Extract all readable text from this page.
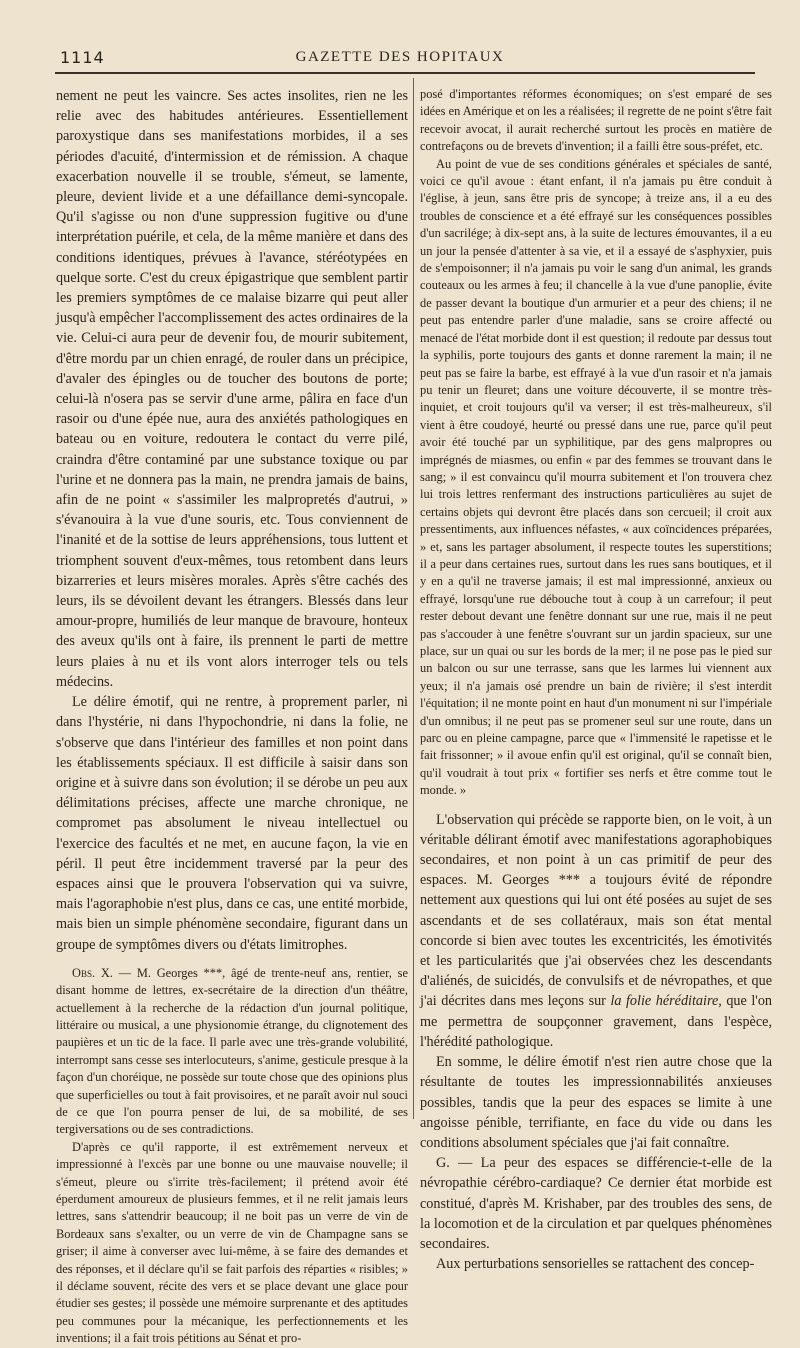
1114	GAZETTE DES HOPITAUX

nement ne peut les vaincre. Ses actes insolites, rien ne les relie avec des habitudes antérieures. Essentiellement paroxystique dans ses manifestations morbides, il a ses périodes d'acuité, d'intermission et de rémission. A chaque exacerbation nouvelle il se trouble, s'émeut, se lamente, pleure, devient livide et a une défaillance demi-syncopale. Qu'il s'agisse ou non d'une suppression fugitive ou d'une interprétation puérile, et cela, de la même manière et dans des conditions identiques, prévues à l'avance, stéréotypées en quelque sorte. C'est du creux épigastrique que semblent partir les premiers symptômes de ce malaise bizarre qui peut aller jusqu'à empêcher l'accomplissement des actes ordinaires de la vie. Celui-ci aura peur de devenir fou, de mourir subitement, d'être mordu par un chien enragé, de rouler dans un précipice, d'avaler des épingles ou de toucher des boutons de porte; celui-là n'osera pas se servir d'une arme, pâlira en face d'un rasoir ou d'une épée nue, aura des anxiétés pathologiques en bateau ou en voiture, redoutera le contact du verre pilé, craindra d'être contaminé par une substance toxique ou par l'urine et ne donnera pas la main, ne prendra jamais de bains, afin de ne point « s'assimiler les malpropretés d'autrui, » s'évanouira à la vue d'une souris, etc. Tous conviennent de l'inanité et de la sottise de leurs appréhensions, tous luttent et triomphent souvent d'eux-mêmes, tous retombent dans leurs bizarreries et leurs misères morales. Après s'être cachés des leurs, ils se dévoilent devant les étrangers. Blessés dans leur amour-propre, humiliés de leur manque de bravoure, honteux des aveux qu'ils ont à faire, ils prennent le parti de mettre leurs plaies à nu et ils vont alors interroger tels ou tels médecins.

Le délire émotif, qui ne rentre, à proprement parler, ni dans l'hystérie, ni dans l'hypochondrie, ni dans la folie, ne s'observe que dans l'intérieur des familles et non point dans les établissements spéciaux. Il est difficile à saisir dans son origine et à suivre dans son évolution; il se dérobe un peu aux délimitations précises, affecte une marche chronique, ne compromet pas absolument le niveau intellectuel ou l'exercice des facultés et ne met, en aucune façon, la vie en péril. Il peut être incidemment traversé par la peur des espaces ainsi que le prouvera l'observation qui va suivre, mais l'agoraphobie n'est plus, dans ce cas, une entité morbide, mais bien un simple phénomène secondaire, figurant dans un groupe de symptômes divers ou d'états limitrophes.

Obs. X. — M. Georges ***, âgé de trente-neuf ans, rentier, se disant homme de lettres, ex-secrétaire de la direction d'un théâtre, actuellement à la recherche de la rédaction d'un journal politique, littéraire ou musical, a une physionomie étrange, du clignotement des paupières et un tic de la face. Il parle avec une très-grande volubilité, interrompt sans cesse ses interlocuteurs, s'anime, gesticule presque à la façon d'un choréique, ne possède sur toute chose que des opinions plus que superficielles ou tout à fait provisoires, et ne paraît avoir nul souci de ce que l'on pourra penser de lui, de sa mobilité, de ses tergiversations ou de ses contradictions.

D'après ce qu'il rapporte, il est extrêmement nerveux et impressionné à l'excès par une bonne ou une mauvaise nouvelle; il s'émeut, pleure ou s'irrite très-facilement; il prétend avoir été éperdument amoureux de plusieurs femmes, et il ne relit jamais leurs lettres, sans s'attendrir beaucoup; il ne boit pas un verre de vin de Bordeaux sans s'exalter, ou un verre de vin de Champagne sans se griser; il aime à converser avec lui-même, à se faire des demandes et des réponses, et il déclare qu'il se fait parfois des réparties « risibles; » il déclame souvent, récite des vers et se place devant une glace pour étudier ses gestes; il possède une mémoire surprenante et des aptitudes peu communes pour la mécanique, les perfectionnements et les inventions; il a fait trois pétitions au Sénat et pro-

posé d'importantes réformes économiques; on s'est emparé de ses idées en Amérique et on les a réalisées; il regrette de ne point s'être fait recevoir avocat, il aurait recherché surtout les procès en matière de contrefaçons ou de brevets d'invention; il a failli être sous-préfet, etc.

Au point de vue de ses conditions générales et spéciales de santé, voici ce qu'il avoue : étant enfant, il n'a jamais pu être conduit à l'église, à jeun, sans être pris de syncope; à treize ans, il a eu des troubles de conscience et a été effrayé sur les conséquences possibles d'un sacrilége; à dix-sept ans, à la suite de lectures émouvantes, il a eu un jour la pensée d'attenter à sa vie, et il a essayé de s'asphyxier, puis de s'empoisonner; il n'a jamais pu voir le sang d'un animal, les grands couteaux ou les armes à feu; il chancelle à la vue d'une panoplie, évite de passer devant la boutique d'un armurier et a peur des chiens; il ne peut pas entendre parler d'une maladie, sans se croire affecté ou menacé de l'état morbide dont il est question; il redoute par dessus tout la syphilis, porte toujours des gants et donne rarement la main; il ne peut pas se faire la barbe, est effrayé à la vue d'un rasoir et n'a jamais pu tenir un fleuret; dans une voiture découverte, il se montre très-inquiet, et croit toujours qu'il va verser; il est très-malheureux, s'il vient à être coudoyé, heurté ou pressé dans une rue, parce qu'il peut avoir été touché par un syphilitique, par des gens malpropres ou imprégnés de miasmes, ou enfin « par des femmes se trouvant dans le sang; » il est convaincu qu'il mourra subitement et l'on trouvera chez lui trois lettres renfermant des instructions particulières au sujet de certains objets qui devront être placés dans son cercueil; il croit aux pressentiments, aux influences néfastes, « aux coïncidences préparées, » et, sans les partager absolument, il respecte toutes les superstitions; il a peur dans certaines rues, surtout dans les rues sans boutiques, et il y en a qu'il ne traverse jamais; il est mal impressionné, anxieux ou effrayé, lorsqu'une rue débouche tout à coup à un carrefour; il peut rester debout devant une fenêtre donnant sur une rue, mais il ne peut pas s'accouder à une fenêtre s'ouvrant sur un jardin spacieux, sur une place, sur un quai ou sur les bords de la mer; il ne pose pas le pied sur un balcon ou sur une terrasse, sans que les larmes lui viennent aux yeux; il n'a jamais osé prendre un bain de rivière; il s'est interdit l'équitation; il ne monte point en haut d'un monument ni sur l'impériale d'un omnibus; il ne peut pas se promener seul sur une route, dans un parc ou en pleine campagne, parce que « l'immensité le rapetisse et le fait frissonner; » il avoue enfin qu'il est original, qu'il se connaît bien, qu'il voudrait à tout prix « fortifier ses nerfs et être comme tout le monde. »

L'observation qui précède se rapporte bien, on le voit, à un véritable délirant émotif avec manifestations agoraphobiques secondaires, et non point à un cas primitif de peur des espaces. M. Georges *** a toujours évité de répondre nettement aux questions qui lui ont été posées au sujet de ses ascendants et de ses collatéraux, mais son état mental concorde si bien avec toutes les excentricités, les émotivités et les particularités que j'ai observées chez les descendants d'aliénés, de suicidés, de convulsifs et de névropathes, et que j'ai décrites dans mes leçons sur la folie héréditaire, que l'on me permettra de soupçonner gravement, dans l'espèce, l'hérédité pathologique.

En somme, le délire émotif n'est rien autre chose que la résultante de toutes les impressionnabilités anxieuses possibles, tandis que la peur des espaces se limite à une angoisse pénible, terrifiante, en face du vide ou dans les conditions absolument spéciales que j'ai fait connaître.

G. — La peur des espaces se différencie-t-elle de la névropathie cérébro-cardiaque? Ce dernier état morbide est constitué, d'après M. Krishaber, par des troubles des sens, de la locomotion et de la circulation et par quelques phénomènes secondaires.

Aux perturbations sensorielles se rattachent des concep-
